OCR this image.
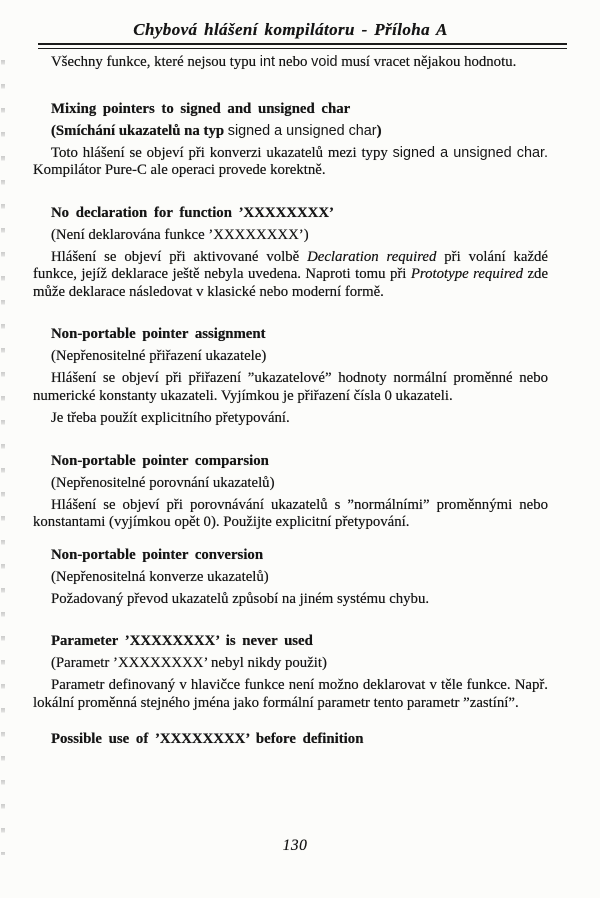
Chybová hlášení kompilátoru - Příloha A

Všechny funkce, které nejsou typu int nebo void musí vracet nějakou hodnotu.

Mixing pointers to signed and unsigned char
(Smíchání ukazatelů na typ signed a unsigned char)

Toto hlášení se objeví při konverzi ukazatelů mezi typy signed a unsigned char. Kompilátor Pure-C ale operaci provede korektně.

No declaration for function ’XXXXXXXX’
(Není deklarována funkce ’XXXXXXXX’)

Hlášení se objeví při aktivované volbě Declaration required při volání každé funkce, jejíž deklarace ještě nebyla uvedena. Naproti tomu při Prototype required zde může deklarace následovat v klasické nebo moderní formě.

Non-portable pointer assignment
(Nepřenositelné přiřazení ukazatele)

Hlášení se objeví při přiřazení ”ukazatelové” hodnoty normální proměnné nebo numerické konstanty ukazateli. Vyjímkou je přiřazení čísla 0 ukazateli.

Je třeba použít explicitního přetypování.

Non-portable pointer comparsion
(Nepřenositelné porovnání ukazatelů)

Hlášení se objeví při porovnávání ukazatelů s ”normálními” proměnnými nebo konstantami (vyjímkou opět 0). Použijte explicitní přetypování.

Non-portable pointer conversion
(Nepřenositelná konverze ukazatelů)

Požadovaný převod ukazatelů způsobí na jiném systému chybu.

Parameter ’XXXXXXXX’ is never used
(Parametr ’XXXXXXXX’ nebyl nikdy použit)

Parametr definovaný v hlavičce funkce není možno deklarovat v těle funkce. Např. lokální proměnná stejného jména jako formální parametr tento parametr ”zastíní”.

Possible use of ’XXXXXXXX’ before definition
130
